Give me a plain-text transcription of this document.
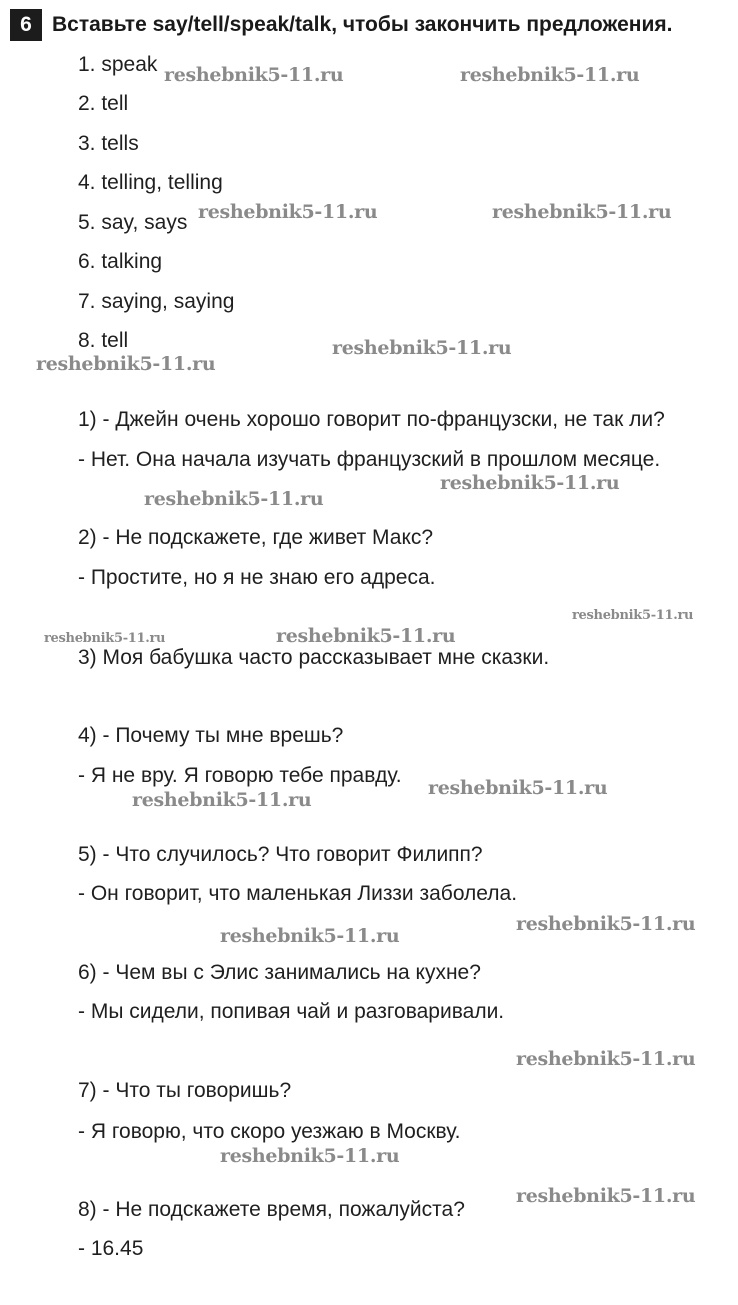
6 Вставьте say/tell/speak/talk, чтобы закончить предложения.
1. speak
2. tell
3. tells
4. telling, telling
5. say, says
6. talking
7. saying, saying
8. tell
1) - Джейн очень хорошо говорит по-французски, не так ли?
- Нет. Она начала изучать французский в прошлом месяце.
2) - Не подскажете, где живет Макс?
- Простите, но я не знаю его адреса.
3) Моя бабушка часто рассказывает мне сказки.
4) - Почему ты мне врешь?
- Я не вру. Я говорю тебе правду.
5) - Что случилось? Что говорит Филипп?
- Он говорит, что маленькая Лиззи заболела.
6) - Чем вы с Элис занимались на кухне?
- Мы сидели, попивая чай и разговаривали.
7) - Что ты говоришь?
- Я говорю, что скоро уезжаю в Москву.
8) - Не подскажете время, пожалуйста?
- 16.45
reshebnik5-11.ru	reshebnik5-11.ru
reshebnik5-11.ru	reshebnik5-11.ru
reshebnik5-11.ru
reshebnik5-11.ru
reshebnik5-11.ru
reshebnik5-11.ru
reshebnik5-11.ru
reshebnik5-11.ru
reshebnik5-11.ru
reshebnik5-11.ru
reshebnik5-11.ru
reshebnik5-11.ru
reshebnik5-11.ru
reshebnik5-11.ru
reshebnik5-11.ru
reshebnik5-11.ru
